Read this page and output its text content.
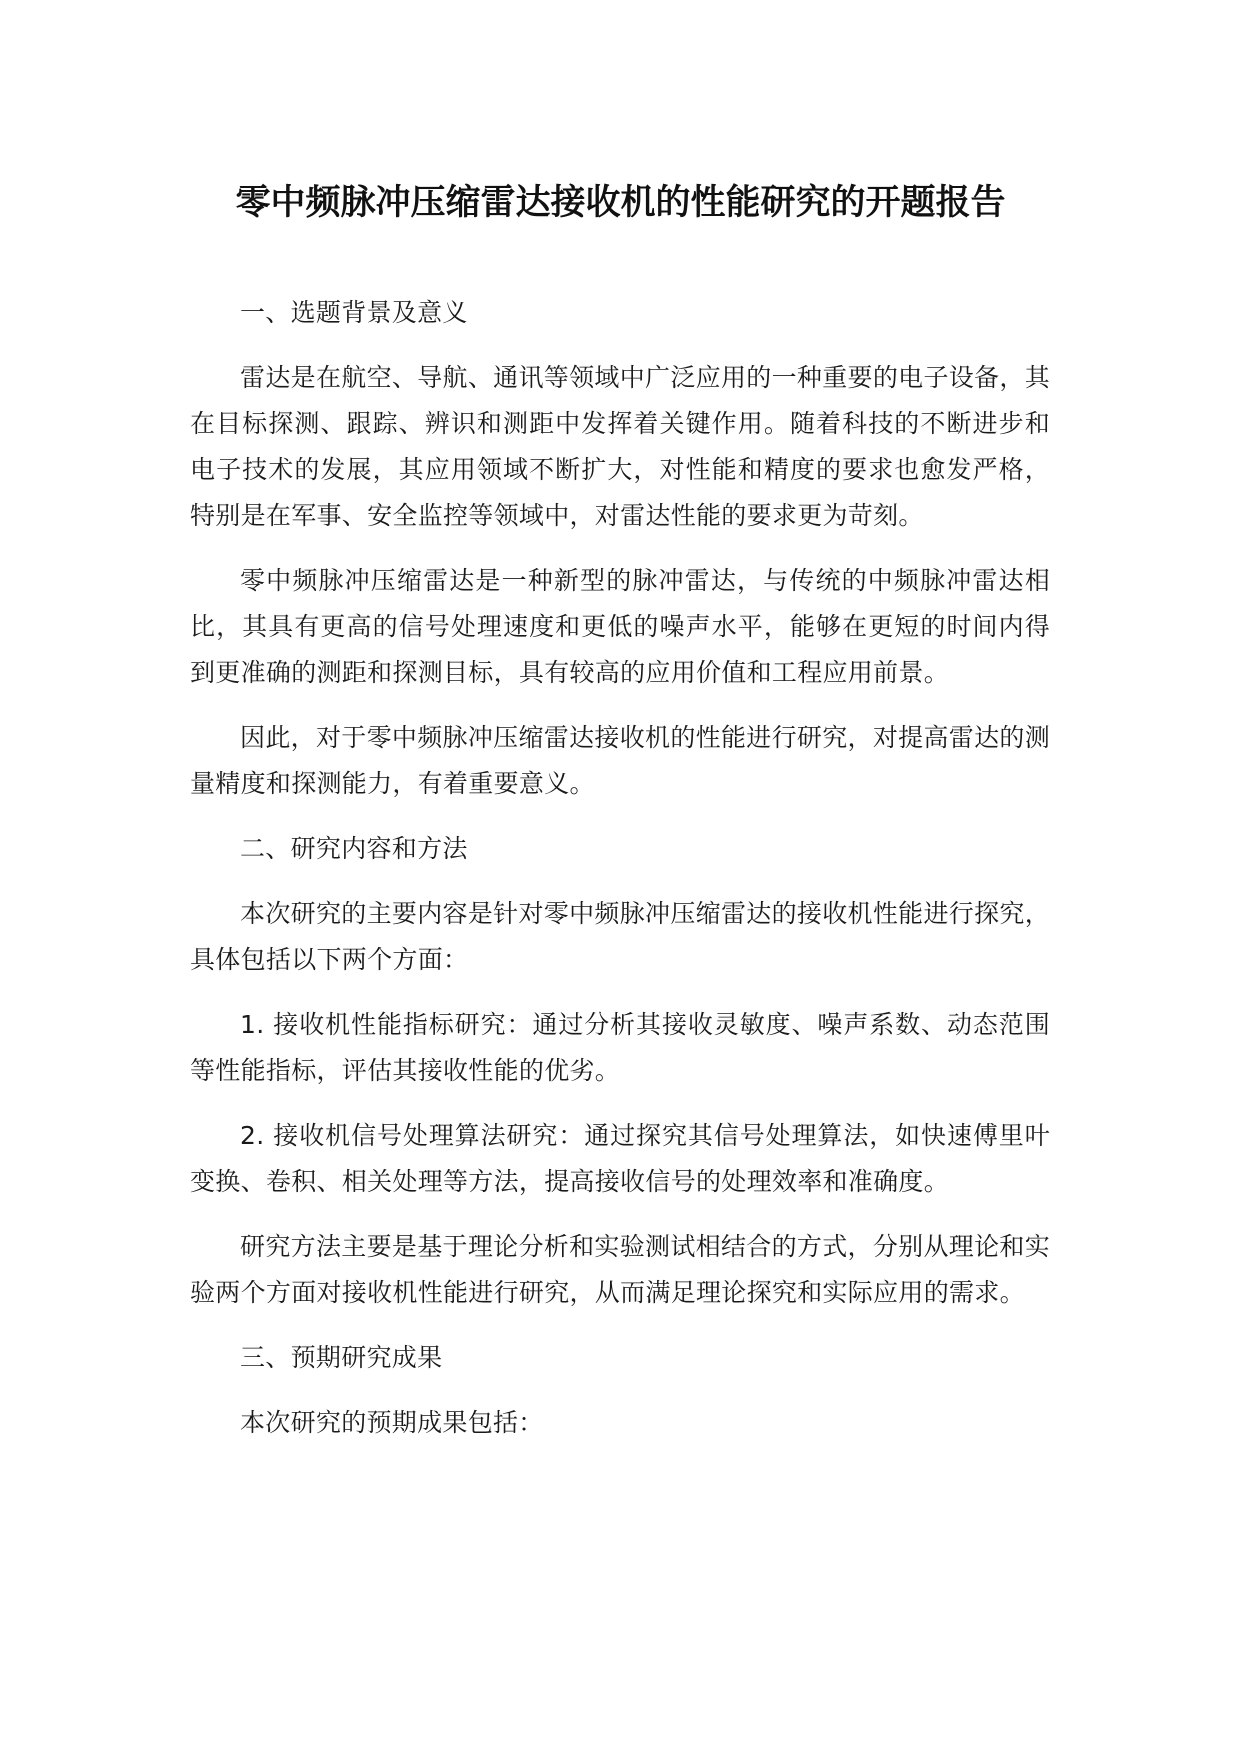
零中频脉冲压缩雷达接收机的性能研究的开题报告

一、选题背景及意义

雷达是在航空、导航、通讯等领域中广泛应用的一种重要的电子设备，其在目标探测、跟踪、辨识和测距中发挥着关键作用。随着科技的不断进步和电子技术的发展，其应用领域不断扩大，对性能和精度的要求也愈发严格，特别是在军事、安全监控等领域中，对雷达性能的要求更为苛刻。

零中频脉冲压缩雷达是一种新型的脉冲雷达，与传统的中频脉冲雷达相比，其具有更高的信号处理速度和更低的噪声水平，能够在更短的时间内得到更准确的测距和探测目标，具有较高的应用价值和工程应用前景。

因此，对于零中频脉冲压缩雷达接收机的性能进行研究，对提高雷达的测量精度和探测能力，有着重要意义。

二、研究内容和方法

本次研究的主要内容是针对零中频脉冲压缩雷达的接收机性能进行探究，具体包括以下两个方面：

1. 接收机性能指标研究：通过分析其接收灵敏度、噪声系数、动态范围等性能指标，评估其接收性能的优劣。

2. 接收机信号处理算法研究：通过探究其信号处理算法，如快速傅里叶变换、卷积、相关处理等方法，提高接收信号的处理效率和准确度。

研究方法主要是基于理论分析和实验测试相结合的方式，分别从理论和实验两个方面对接收机性能进行研究，从而满足理论探究和实际应用的需求。

三、预期研究成果

本次研究的预期成果包括：
